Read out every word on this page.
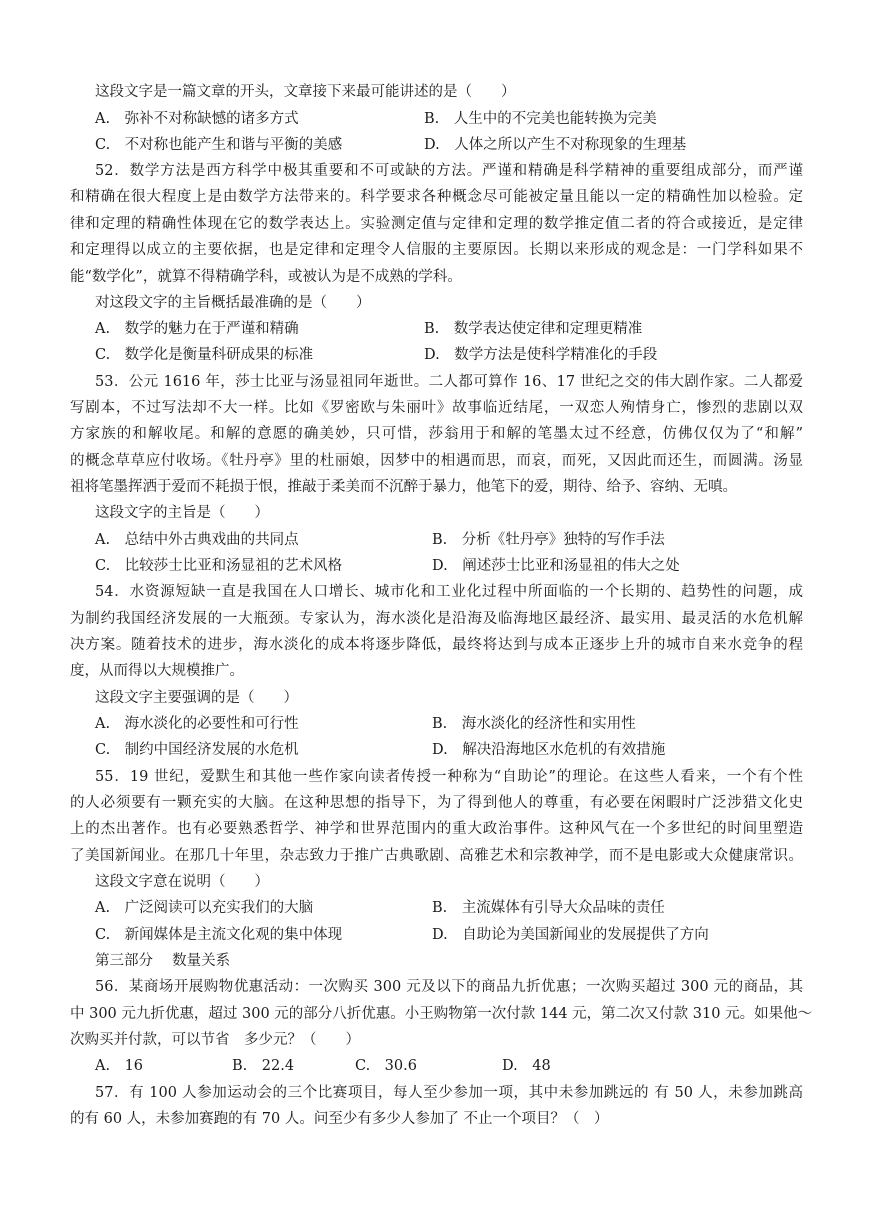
这段文字是一篇文章的开头，文章接下来最可能讲述的是（　　）
A.　弥补不对称缺憾的诸多方式	B.　人生中的不完美也能转换为完美
C.　不对称也能产生和谐与平衡的美感	D.　人体之所以产生不对称现象的生理基
52．数学方法是西方科学中极其重要和不可或缺的方法。严谨和精确是科学精神的重要组成部分，而严谨
和精确在很大程度上是由数学方法带来的。科学要求各种概念尽可能被定量且能以一定的精确性加以检验。定
律和定理的精确性体现在它的数学表达上。实验测定值与定律和定理的数学推定值二者的符合或接近，是定律
和定理得以成立的主要依据，也是定律和定理令人信服的主要原因。长期以来形成的观念是：一门学科如果不
能“数学化”，就算不得精确学科，或被认为是不成熟的学科。
对这段文字的主旨概括最准确的是（　　）
A.　数学的魅力在于严谨和精确	B.　数学表达使定律和定理更精准
C.　数学化是衡量科研成果的标准	D.　数学方法是使科学精准化的手段
53．公元 1616 年，莎士比亚与汤显祖同年逝世。二人都可算作 16、17 世纪之交的伟大剧作家。二人都爱
写剧本，不过写法却不大一样。比如《罗密欧与朱丽叶》故事临近结尾，一双恋人殉情身亡，惨烈的悲剧以双
方家族的和解收尾。和解的意愿的确美妙，只可惜，莎翁用于和解的笔墨太过不经意，仿佛仅仅为了“和解”
的概念草草应付收场。《牡丹亭》里的杜丽娘，因梦中的相遇而思，而哀，而死，又因此而还生，而圆满。汤显
祖将笔墨挥洒于爱而不耗损于恨，推敲于柔美而不沉醉于暴力，他笔下的爱，期待、给予、容纳、无嗔。
这段文字的主旨是（　　）
A.　总结中外古典戏曲的共同点	B.　分析《牡丹亭》独特的写作手法
C.　比较莎士比亚和汤显祖的艺术风格	D.　阐述莎士比亚和汤显祖的伟大之处
54．水资源短缺一直是我国在人口增长、城市化和工业化过程中所面临的一个长期的、趋势性的问题，成
为制约我国经济发展的一大瓶颈。专家认为，海水淡化是沿海及临海地区最经济、最实用、最灵活的水危机解
决方案。随着技术的进步，海水淡化的成本将逐步降低，最终将达到与成本正逐步上升的城市自来水竞争的程
度，从而得以大规模推广。
这段文字主要强调的是（　　）
A.　海水淡化的必要性和可行性	B.　海水淡化的经济性和实用性
C.　制约中国经济发展的水危机	D.　解决沿海地区水危机的有效措施
55．19 世纪，爱默生和其他一些作家向读者传授一种称为“自助论”的理论。在这些人看来，一个有个性
的人必须要有一颗充实的大脑。在这种思想的指导下，为了得到他人的尊重，有必要在闲暇时广泛涉猎文化史
上的杰出著作。也有必要熟悉哲学、神学和世界范围内的重大政治事件。这种风气在一个多世纪的时间里塑造
了美国新闻业。在那几十年里，杂志致力于推广古典歌剧、高雅艺术和宗教神学，而不是电影或大众健康常识。
这段文字意在说明（　　）
A.　广泛阅读可以充实我们的大脑	B.　主流媒体有引导大众品味的责任
C.　新闻媒体是主流文化观的集中体现	D.　自助论为美国新闻业的发展提供了方向
第三部分　 数量关系
56．某商场开展购物优惠活动：一次购买 300 元及以下的商品九折优惠；一次购买超过 300 元的商品，其
中 300 元九折优惠，超过 300 元的部分八折优惠。小王购物第一次付款 144 元，第二次又付款 310 元。如果他～
次购买并付款，可以节省　多少元？（　　）
A.　16	B.　22.4	C.　30.6	D.　48
57．有 100 人参加运动会的三个比赛项目，每人至少参加一项，其中未参加跳远的 有 50 人，未参加跳高
的有 60 人，未参加赛跑的有 70 人。问至少有多少人参加了 不止一个项目？（　）
